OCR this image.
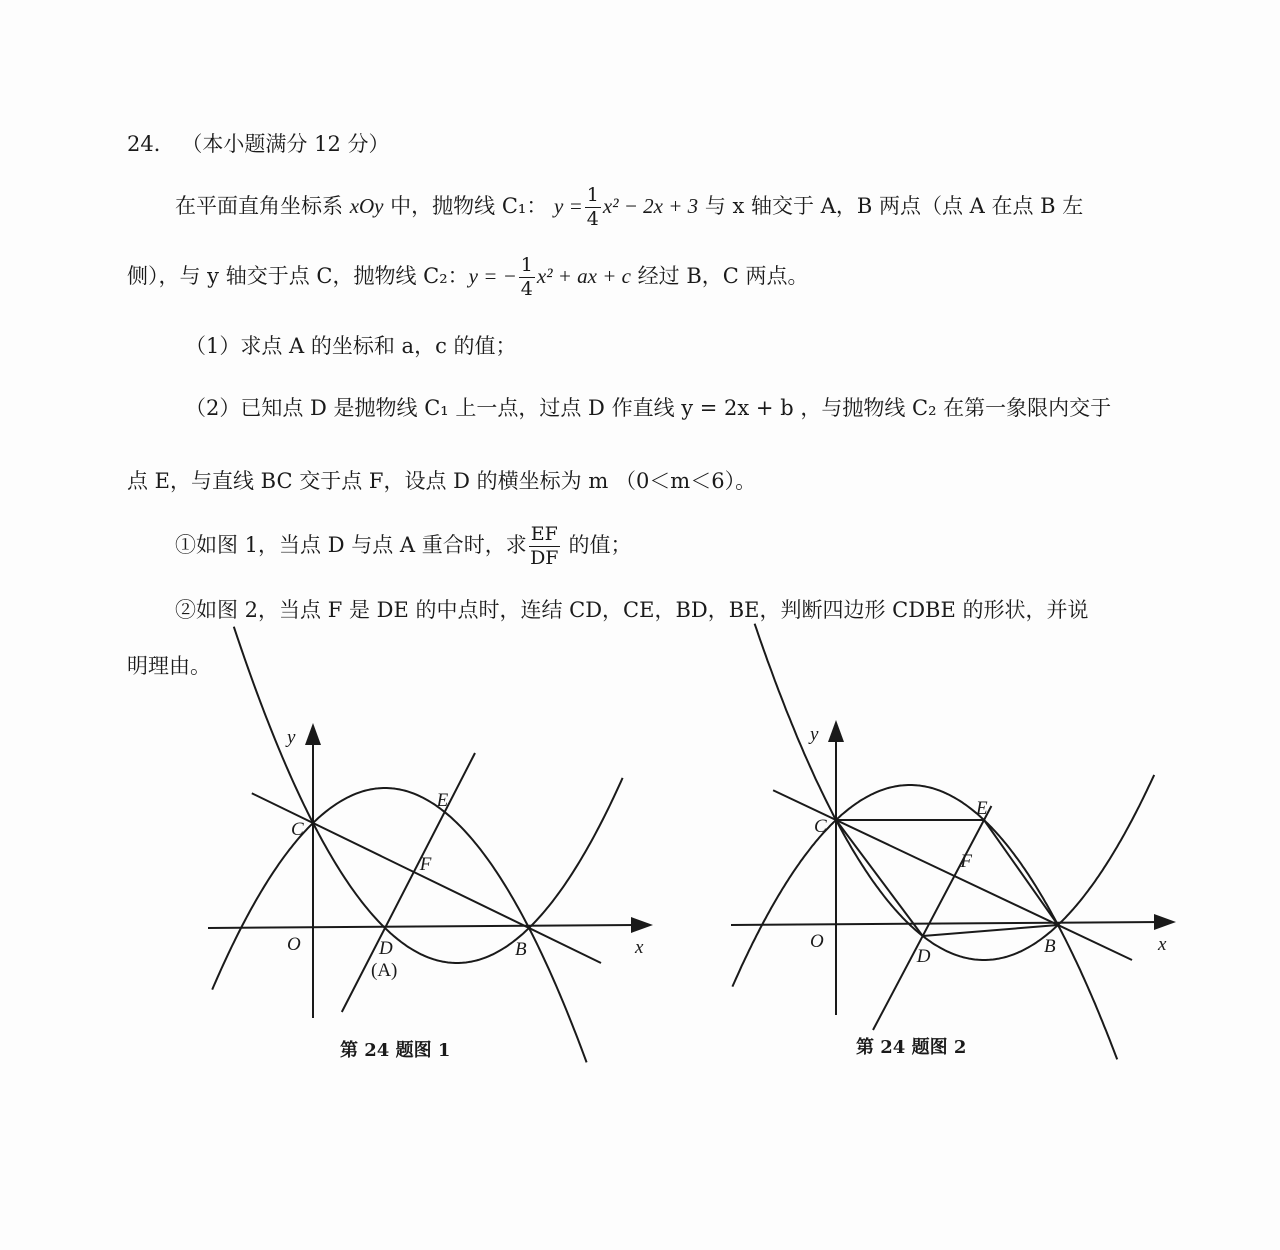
24． （本小题满分 12 分）
在平面直角坐标系 xOy 中，抛物线 C₁： $y = \frac{1}{4} x^2 - 2x + 3$ 与 x 轴交于 A，B 两点（点 A 在点 B 左
侧），与 y 轴交于点 C，抛物线 C₂：y = − $\frac{1}{4} x^2$ + ax + c 经过 B，C 两点。
（1）求点 A 的坐标和 a，c 的值；
（2）已知点 D 是抛物线 C₁ 上一点，过点 D 作直线 y = 2x + b ，与抛物线 C₂ 在第一象限内交于
点 E，与直线 BC 交于点 F，设点 D 的横坐标为 m （0＜m＜6）。
①如图 1，当点 D 与点 A 重合时，求 $\frac{EF}{DF}$ 的值；
②如图 2，当点 F 是 DE 的中点时，连结 CD，CE，BD，BE，判断四边形 CDBE 的形状，并说
明理由。
y
x
O
C
B
D
E
F
(A)
y
x
O
C
B
D
E
F
第 24 题图 1	第 24 题图 2
